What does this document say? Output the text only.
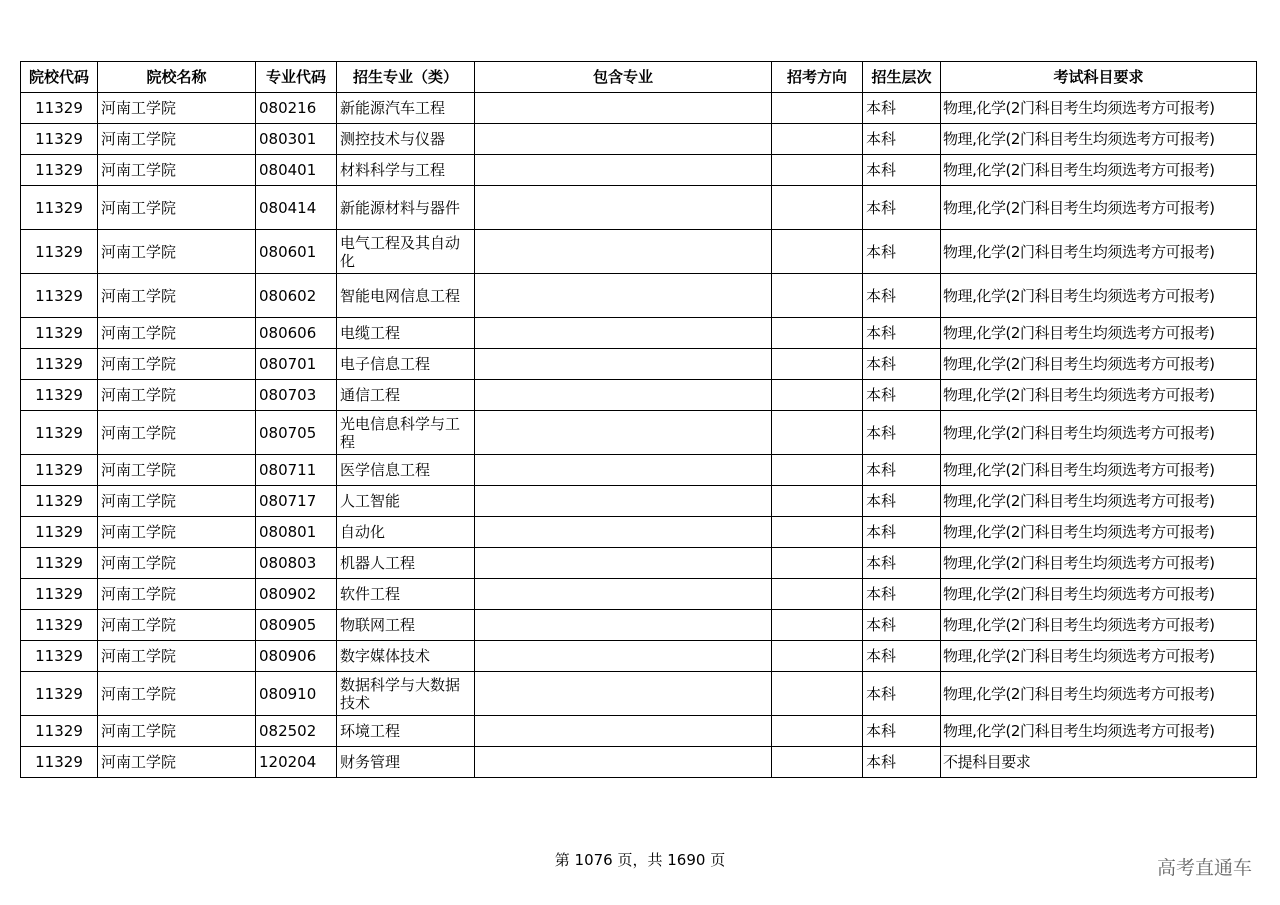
院校代码	院校名称	专业代码	招生专业（类）	包含专业	招考方向	招生层次	考试科目要求
11329	河南工学院	080216	新能源汽车工程			本科	物理,化学(2门科目考生均须选考方可报考)
11329	河南工学院	080301	测控技术与仪器			本科	物理,化学(2门科目考生均须选考方可报考)
11329	河南工学院	080401	材料科学与工程			本科	物理,化学(2门科目考生均须选考方可报考)
11329	河南工学院	080414	新能源材料与器件			本科	物理,化学(2门科目考生均须选考方可报考)
11329	河南工学院	080601	电气工程及其自动化			本科	物理,化学(2门科目考生均须选考方可报考)
11329	河南工学院	080602	智能电网信息工程			本科	物理,化学(2门科目考生均须选考方可报考)
11329	河南工学院	080606	电缆工程			本科	物理,化学(2门科目考生均须选考方可报考)
11329	河南工学院	080701	电子信息工程			本科	物理,化学(2门科目考生均须选考方可报考)
11329	河南工学院	080703	通信工程			本科	物理,化学(2门科目考生均须选考方可报考)
11329	河南工学院	080705	光电信息科学与工程			本科	物理,化学(2门科目考生均须选考方可报考)
11329	河南工学院	080711	医学信息工程			本科	物理,化学(2门科目考生均须选考方可报考)
11329	河南工学院	080717	人工智能			本科	物理,化学(2门科目考生均须选考方可报考)
11329	河南工学院	080801	自动化			本科	物理,化学(2门科目考生均须选考方可报考)
11329	河南工学院	080803	机器人工程			本科	物理,化学(2门科目考生均须选考方可报考)
11329	河南工学院	080902	软件工程			本科	物理,化学(2门科目考生均须选考方可报考)
11329	河南工学院	080905	物联网工程			本科	物理,化学(2门科目考生均须选考方可报考)
11329	河南工学院	080906	数字媒体技术			本科	物理,化学(2门科目考生均须选考方可报考)
11329	河南工学院	080910	数据科学与大数据技术			本科	物理,化学(2门科目考生均须选考方可报考)
11329	河南工学院	082502	环境工程			本科	物理,化学(2门科目考生均须选考方可报考)
11329	河南工学院	120204	财务管理			本科	不提科目要求
第 1076 页，共 1690 页	高考直通车
